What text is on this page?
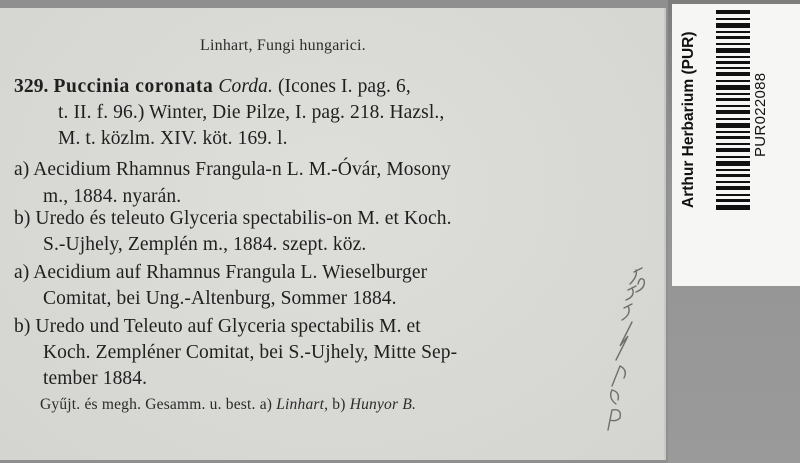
Linhart, Fungi hungarici.
329. Puccinia coronata Corda. (Icones I. pag. 6,
t. II. f. 96.) Winter, Die Pilze, I. pag. 218. Hazsl.,
M. t. közlm. XIV. köt. 169. l.
a) Aecidium Rhamnus Frangula-n L. M.-Óvár, Mosony
m., 1884. nyarán.
b) Uredo és teleuto Glyceria spectabilis-on M. et Koch.
S.-Ujhely, Zemplén m., 1884. szept. köz.
a) Aecidium auf Rhamnus Frangula L. Wieselburger
Comitat, bei Ung.-Altenburg, Sommer 1884.
b) Uredo und Teleuto auf Glyceria spectabilis M. et
Koch. Zempléner Comitat, bei S.-Ujhely, Mitte Sep-
tember 1884.
Gyűjt. és megh. Gesamm. u. best. a) Linhart, b) Hunyor B.
Arthur Herbarium (PUR)	PUR022088
